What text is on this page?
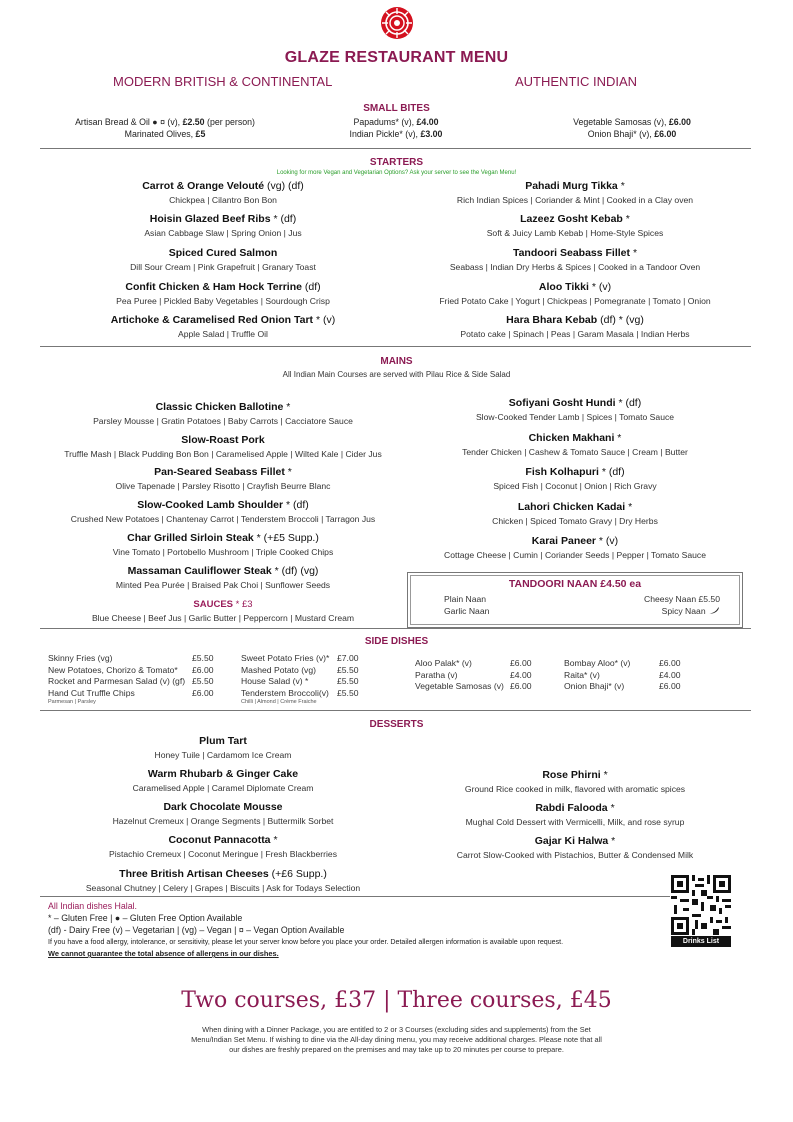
GLAZE RESTAURANT MENU
MODERN BRITISH & CONTINENTAL	AUTHENTIC INDIAN
SMALL BITES
Artisan Bread & Oil ● ¤ (v), £2.50 (per person)
Marinated Olives, £5
Papadums* (v), £4.00
Indian Pickle* (v), £3.00
Vegetable Samosas (v), £6.00
Onion Bhaji* (v), £6.00
STARTERS
Looking for more Vegan and Vegetarian Options? Ask your server to see the Vegan Menu!
Carrot & Orange Velouté (vg) (df)
Chickpea | Cilantro Bon Bon
Hoisin Glazed Beef Ribs * (df)
Asian Cabbage Slaw | Spring Onion | Jus
Spiced Cured Salmon
Dill Sour Cream | Pink Grapefruit | Granary Toast
Confit Chicken & Ham Hock Terrine (df)
Pea Puree | Pickled Baby Vegetables | Sourdough Crisp
Artichoke & Caramelised Red Onion Tart * (v)
Apple Salad | Truffle Oil
Pahadi Murg Tikka *
Rich Indian Spices | Coriander & Mint | Cooked in a Clay oven
Lazeez Gosht Kebab *
Soft & Juicy Lamb Kebab | Home-Style Spices
Tandoori Seabass Fillet *
Seabass | Indian Dry Herbs & Spices | Cooked in a Tandoor Oven
Aloo Tikki * (v)
Fried Potato Cake | Yogurt | Chickpeas | Pomegranate | Tomato | Onion
Hara Bhara Kebab (df) * (vg)
Potato cake | Spinach | Peas | Garam Masala | Indian Herbs
MAINS
All Indian Main Courses are served with Pilau Rice & Side Salad
Classic Chicken Ballotine *
Parsley Mousse | Gratin Potatoes | Baby Carrots | Cacciatore Sauce
Slow-Roast Pork
Truffle Mash | Black Pudding Bon Bon | Caramelised Apple | Wilted Kale | Cider Jus
Pan-Seared Seabass Fillet *
Olive Tapenade | Parsley Risotto | Crayfish Beurre Blanc
Slow-Cooked Lamb Shoulder * (df)
Crushed New Potatoes | Chantenay Carrot | Tenderstem Broccoli | Tarragon Jus
Char Grilled Sirloin Steak * (+£5 Supp.)
Vine Tomato | Portobello Mushroom | Triple Cooked Chips
Massaman Cauliflower Steak * (df) (vg)
Minted Pea Purée | Braised Pak Choi | Sunflower Seeds
SAUCES * £3
Blue Cheese | Beef Jus | Garlic Butter | Peppercorn | Mustard Cream
Sofiyani Gosht Hundi * (df)
Slow-Cooked Tender Lamb | Spices | Tomato Sauce
Chicken Makhani *
Tender Chicken | Cashew & Tomato Sauce | Cream | Butter
Fish Kolhapuri * (df)
Spiced Fish | Coconut | Onion | Rich Gravy
Lahori Chicken Kadai *
Chicken | Spiced Tomato Gravy | Dry Herbs
Karai Paneer * (v)
Cottage Cheese | Cumin | Coriander Seeds | Pepper | Tomato Sauce
TANDOORI NAAN £4.50 ea
Plain Naan
Garlic Naan
Cheesy Naan £5.50
Spicy Naan
SIDE DISHES
Skinny Fries (vg)	£5.50
New Potatoes, Chorizo & Tomato*	£6.00
Rocket and Parmesan Salad (v) (gf) £5.50
Hand Cut Truffle Chips	£6.00
Parmesan | Parsley
Sweet Potato Fries (v)* £7.00
Mashed Potato (vg)	£5.50
House Salad (v) *	£5.50
Tenderstem Broccoli(v) £5.50
Chilli | Almond | Crème Fraiche
Aloo Palak* (v)	£6.00
Paratha (v)	£4.00
Vegetable Samosas (v) £6.00
Bombay Aloo* (v)	£6.00
Raita* (v)	£4.00
Onion Bhaji* (v)	£6.00
DESSERTS
Plum Tart
Honey Tuile | Cardamom Ice Cream
Warm Rhubarb & Ginger Cake
Caramelised Apple | Caramel Diplomate Cream
Dark Chocolate Mousse
Hazelnut Cremeux | Orange Segments | Buttermilk Sorbet
Coconut Pannacotta *
Pistachio Cremeux | Coconut Meringue | Fresh Blackberries
Three British Artisan Cheeses (+£6 Supp.)
Seasonal Chutney | Celery | Grapes | Biscuits | Ask for Todays Selection
Rose Phirni *
Ground Rice cooked in milk, flavored with aromatic spices
Rabdi Falooda *
Mughal Cold Dessert with Vermicelli, Milk, and rose syrup
Gajar Ki Halwa *
Carrot Slow-Cooked with Pistachios, Butter & Condensed Milk
All Indian dishes Halal.
* – Gluten Free | ● – Gluten Free Option Available
(df) - Dairy Free (v) – Vegetarian | (vg) – Vegan | ¤ – Vegan Option Available
If you have a food allergy, intolerance, or sensitivity, please let your server know before you place your order. Detailed allergen information is available upon request.
We cannot guarantee the total absence of allergens in our dishes.
Drinks List
Two courses, £37 | Three courses, £45
When dining with a Dinner Package, you are entitled to 2 or 3 Courses (excluding sides and supplements) from the Set Menu/Indian Set Menu. If wishing to dine via the All-day dining menu, you may receive additional charges. Please note that all our dishes are freshly prepared on the premises and may take up to 20 minutes per course to prepare.
